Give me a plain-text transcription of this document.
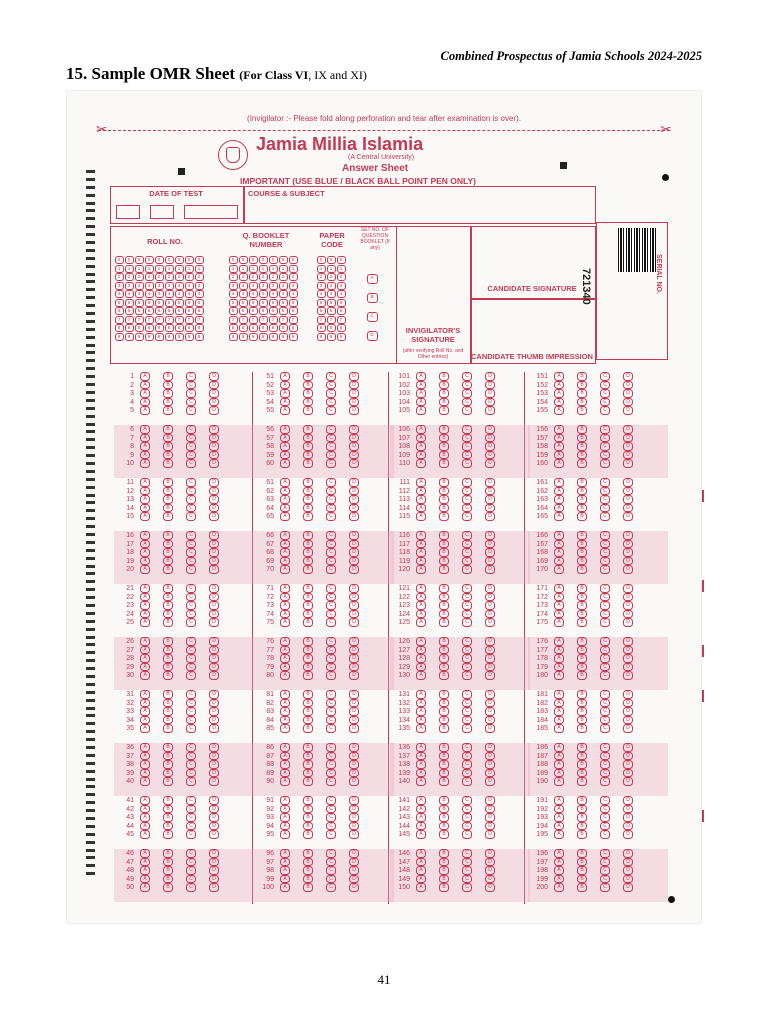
Combined Prospectus of Jamia Schools 2024-2025
15. Sample OMR Sheet (For Class VI, IX and XI)
(Invigilator :- Please fold along perforation and tear after examination is over).
✂	✂
Jamia Millia Islamia
(A Central University)
Answer Sheet
IMPORTANT (USE BLUE / BLACK BALL POINT PEN ONLY)
DATE OF TEST	COURSE & SUBJECT
ROLL NO.
Q. BOOKLET NUMBER
PAPER CODE
SET NO. OF QUESTION BOOKLET (If any)
0 0 0 0 0 0 0 0 0
1 1 1 1 1 1 1 1 1
2 2 2 2 2 2 2 2 2
3 3 3 3 3 3 3 3 3
4 4 4 4 4 4 4 4 4
5 5 5 5 5 5 5 5 5
6 6 6 6 6 6 6 6 6
7 7 7 7 7 7 7 7 7
8 8 8 8 8 8 8 8 8
9 9 9 9 9 9 9 9 9
0 0 0 0 0 0 0
1 1 1 1 1 1 1
2 2 2 2 2 2 2
3 3 3 3 3 3 3
4 4 4 4 4 4 4
5 5 5 5 5 5 5
6 6 6 6 6 6 6
7 7 7 7 7 7 7
8 8 8 8 8 8 8
9 9 9 9 9 9 9
0 0 0
1 1 1
2 2 2
3 3 3
4 4 4
5 5 5
6 6 6
7 7 7
8 8 8
9 9 9
A
B
C
D	INVIGILATOR'S SIGNATURE
(after verifying Roll No. and Other entries)
CANDIDATE SIGNATURE
CANDIDATE THUMB IMPRESSION
721340	SERIAL NO.
1 A	B	C	D
2 A	B	C	D
3 A	B	C	D
4 A	B	C	D
5 A	B	C	D
6 A	B	C	D
7 A	B	C	D
8 A	B	C	D
9 A	B	C	D
10 A	B	C	D
11 A	B	C	D
12 A	B	C	D
13 A	B	C	D
14 A	B	C	D
15 A	B	C	D
16 A	B	C	D
17 A	B	C	D
18 A	B	C	D
19 A	B	C	D
20 A	B	C	D
21 A	B	C	D
22 A	B	C	D
23 A	B	C	D
24 A	B	C	D
25 A	B	C	D
26 A	B	C	D
27 A	B	C	D
28 A	B	C	D
29 A	B	C	D
30 A	B	C	D
31 A	B	C	D
32 A	B	C	D
33 A	B	C	D
34 A	B	C	D
35 A	B	C	D
36 A	B	C	D
37 A	B	C	D
38 A	B	C	D
39 A	B	C	D
40 A	B	C	D
41 A	B	C	D
42 A	B	C	D
43 A	B	C	D
44 A	B	C	D
45 A	B	C	D
46 A	B	C	D
47 A	B	C	D
48 A	B	C	D
49 A	B	C	D
50 A	B	C	D
51 A	B	C	D
52 A	B	C	D
53 A	B	C	D
54 A	B	C	D
55 A	B	C	D
56 A	B	C	D
57 A	B	C	D
58 A	B	C	D
59 A	B	C	D
60 A	B	C	D
61 A	B	C	D
62 A	B	C	D
63 A	B	C	D
64 A	B	C	D
65 A	B	C	D
66 A	B	C	D
67 A	B	C	D
68 A	B	C	D
69 A	B	C	D
70 A	B	C	D
71 A	B	C	D
72 A	B	C	D
73 A	B	C	D
74 A	B	C	D
75 A	B	C	D
76 A	B	C	D
77 A	B	C	D
78 A	B	C	D
79 A	B	C	D
80 A	B	C	D
81 A	B	C	D
82 A	B	C	D
83 A	B	C	D
84 A	B	C	D
85 A	B	C	D
86 A	B	C	D
87 A	B	C	D
88 A	B	C	D
89 A	B	C	D
90 A	B	C	D
91 A	B	C	D
92 A	B	C	D
93 A	B	C	D
94 A	B	C	D
95 A	B	C	D
96 A	B	C	D
97 A	B	C	D
98 A	B	C	D
99 A	B	C	D
100 A	B	C	D
101 A	B	C	D
102 A	B	C	D
103 A	B	C	D
104 A	B	C	D
105 A	B	C	D
106 A	B	C	D
107 A	B	C	D
108 A	B	C	D
109 A	B	C	D
110 A	B	C	D
111 A	B	C	D
112 A	B	C	D
113 A	B	C	D
114 A	B	C	D
115 A	B	C	D
116 A	B	C	D
117 A	B	C	D
118 A	B	C	D
119 A	B	C	D
120 A	B	C	D
121 A	B	C	D
122 A	B	C	D
123 A	B	C	D
124 A	B	C	D
125 A	B	C	D
126 A	B	C	D
127 A	B	C	D
128 A	B	C	D
129 A	B	C	D
130 A	B	C	D
131 A	B	C	D
132 A	B	C	D
133 A	B	C	D
134 A	B	C	D
135 A	B	C	D
136 A	B	C	D
137 A	B	C	D
138 A	B	C	D
139 A	B	C	D
140 A	B	C	D
141 A	B	C	D
142 A	B	C	D
143 A	B	C	D
144 A	B	C	D
145 A	B	C	D
146 A	B	C	D
147 A	B	C	D
148 A	B	C	D
149 A	B	C	D
150 A	B	C	D
151 A	B	C	D
152 A	B	C	D
153 A	B	C	D
154 A	B	C	D
155 A	B	C	D
156 A	B	C	D
157 A	B	C	D
158 A	B	C	D
159 A	B	C	D
160 A	B	C	D
161 A	B	C	D
162 A	B	C	D
163 A	B	C	D
164 A	B	C	D
165 A	B	C	D
166 A	B	C	D
167 A	B	C	D
168 A	B	C	D
169 A	B	C	D
170 A	B	C	D
171 A	B	C	D
172 A	B	C	D
173 A	B	C	D
174 A	B	C	D
175 A	B	C	D
176 A	B	C	D
177 A	B	C	D
178 A	B	C	D
179 A	B	C	D
180 A	B	C	D
181 A	B	C	D
182 A	B	C	D
183 A	B	C	D
184 A	B	C	D
185 A	B	C	D
186 A	B	C	D
187 A	B	C	D
188 A	B	C	D
189 A	B	C	D
190 A	B	C	D
191 A	B	C	D
192 A	B	C	D
193 A	B	C	D
194 A	B	C	D
195 A	B	C	D
196 A	B	C	D
197 A	B	C	D
198 A	B	C	D
199 A	B	C	D
200 A	B	C	D
41
